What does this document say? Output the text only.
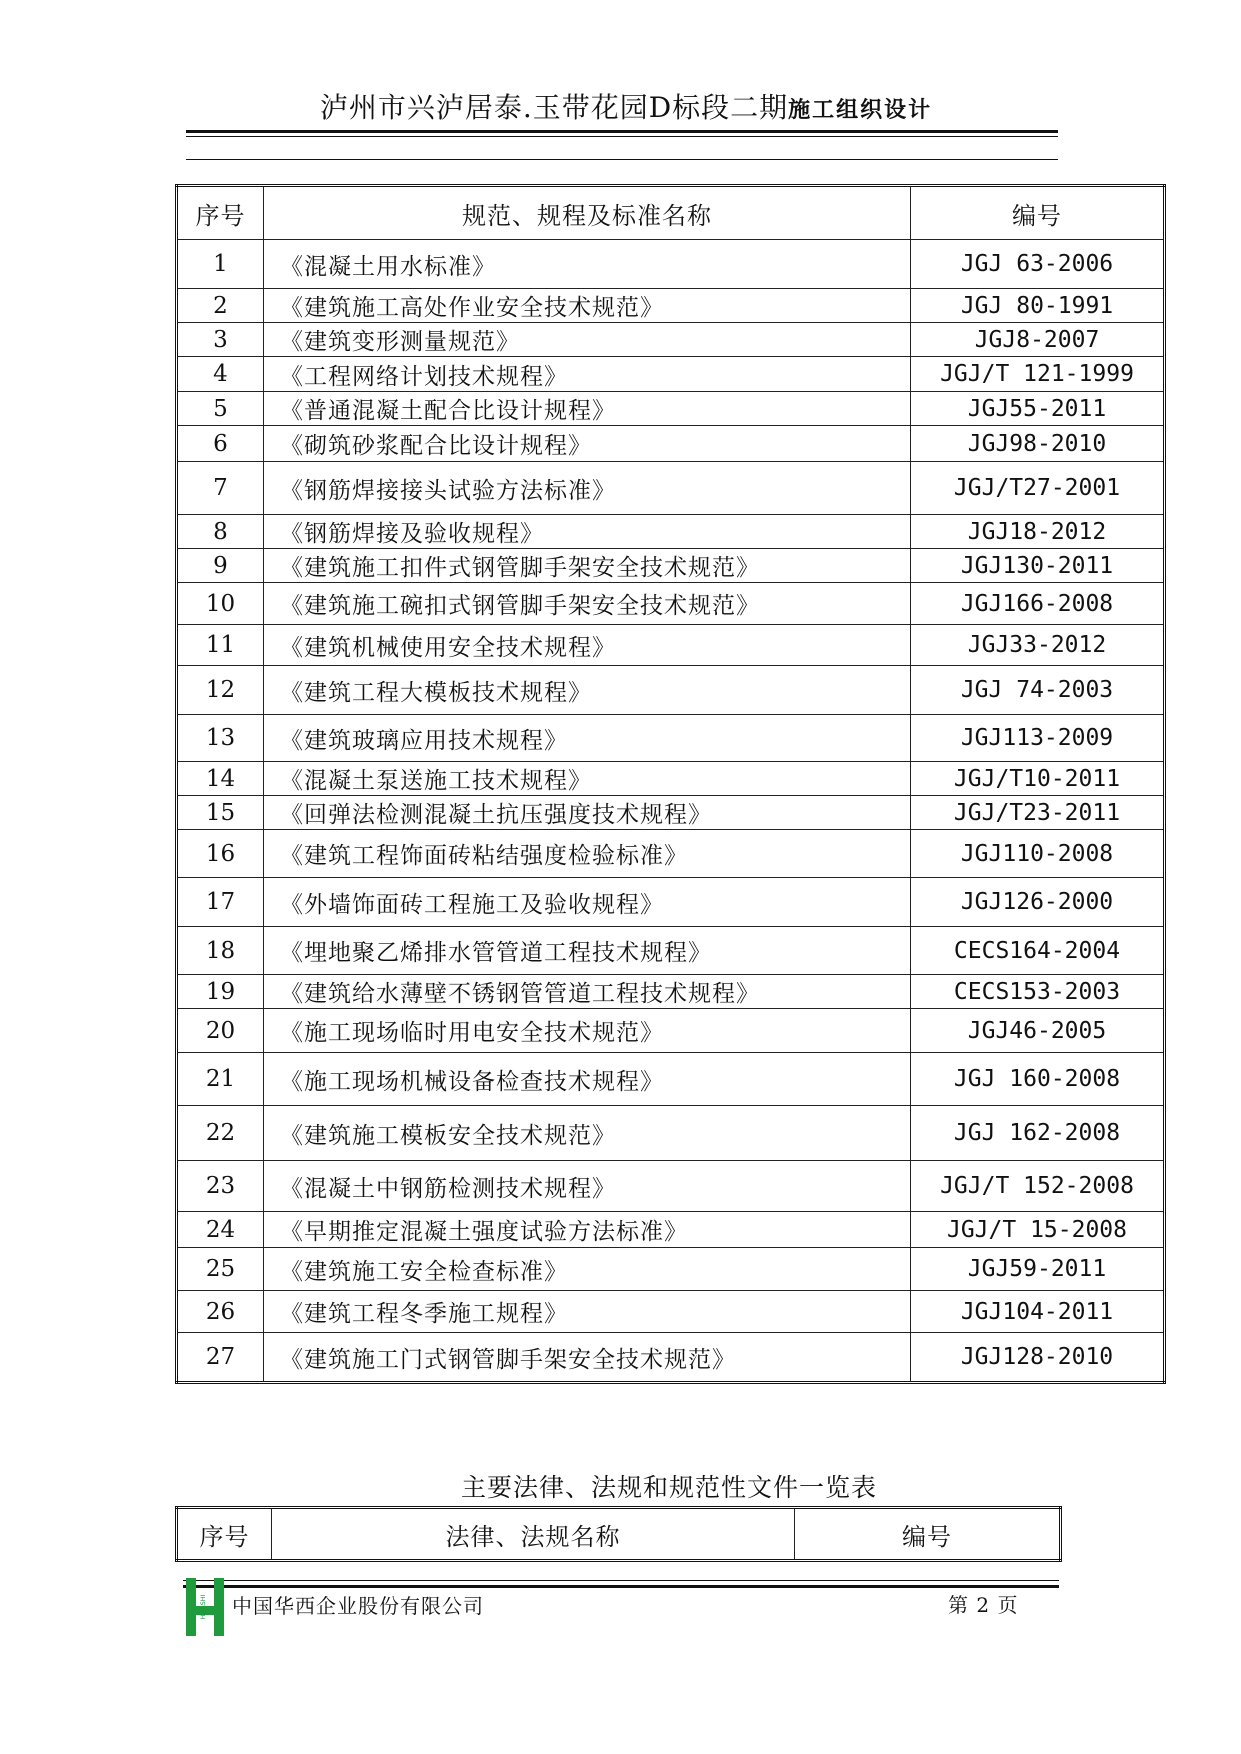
泸州市兴泸居泰.玉带花园D标段二期施工组织设计
序号	规范、规程及标准名称	编号
1	《混凝土用水标准》	JGJ 63-2006
2	《建筑施工高处作业安全技术规范》	JGJ 80-1991
3	《建筑变形测量规范》	JGJ8-2007
4	《工程网络计划技术规程》	JGJ/T 121-1999
5	《普通混凝土配合比设计规程》	JGJ55-2011
6	《砌筑砂浆配合比设计规程》	JGJ98-2010
7	《钢筋焊接接头试验方法标准》	JGJ/T27-2001
8	《钢筋焊接及验收规程》	JGJ18-2012
9	《建筑施工扣件式钢管脚手架安全技术规范》	JGJ130-2011
10	《建筑施工碗扣式钢管脚手架安全技术规范》	JGJ166-2008
11	《建筑机械使用安全技术规程》	JGJ33-2012
12	《建筑工程大模板技术规程》	JGJ 74-2003
13	《建筑玻璃应用技术规程》	JGJ113-2009
14	《混凝土泵送施工技术规程》	JGJ/T10-2011
15	《回弹法检测混凝土抗压强度技术规程》	JGJ/T23-2011
16	《建筑工程饰面砖粘结强度检验标准》	JGJ110-2008
17	《外墙饰面砖工程施工及验收规程》	JGJ126-2000
18	《埋地聚乙烯排水管管道工程技术规程》	CECS164-2004
19	《建筑给水薄壁不锈钢管管道工程技术规程》	CECS153-2003
20	《施工现场临时用电安全技术规范》	JGJ46-2005
21	《施工现场机械设备检查技术规程》	JGJ 160-2008
22	《建筑施工模板安全技术规范》	JGJ 162-2008
23	《混凝土中钢筋检测技术规程》	JGJ/T 152-2008
24	《早期推定混凝土强度试验方法标准》	JGJ/T 15-2008
25	《建筑施工安全检查标准》	JGJ59-2011
26	《建筑工程冬季施工规程》	JGJ104-2011
27	《建筑施工门式钢管脚手架安全技术规范》	JGJ128-2010
主要法律、法规和规范性文件一览表
序号	法律、法规名称	编号
HUASHI 中国华西企业股份有限公司	第 2 页
